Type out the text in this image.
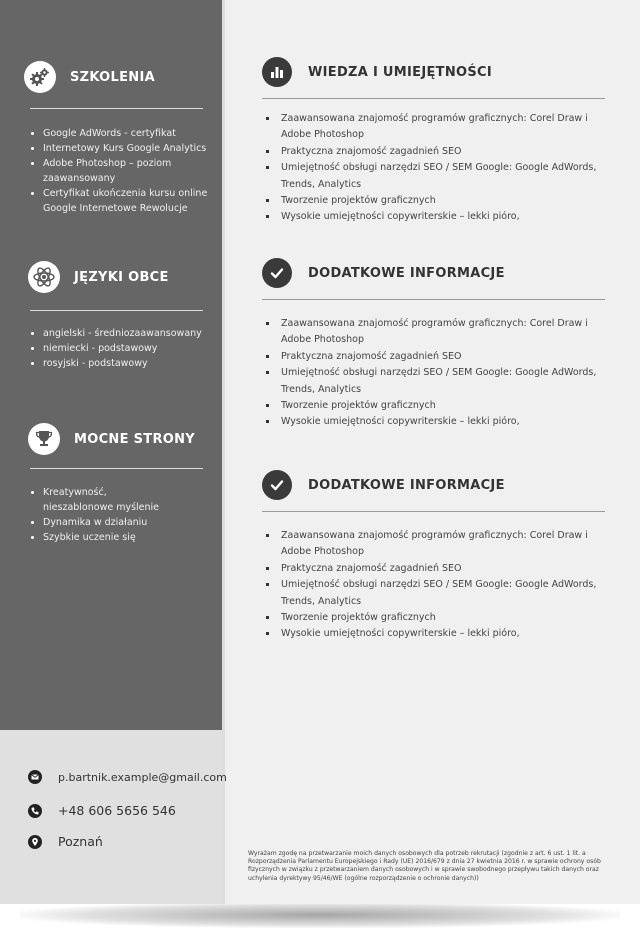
SZKOLENIA
Google AdWords - certyfikat
Internetowy Kurs Google Analytics
Adobe Photoshop – poziom zaawansowany
Certyfikat ukończenia kursu online Google Internetowe Rewolucje
JĘZYKI OBCE
angielski - średniozaawansowany
niemiecki - podstawowy
rosyjski - podstawowy
MOCNE STRONY
Kreatywność, nieszablonowe myślenie
Dynamika w działaniu
Szybkie uczenie się
p.bartnik.example@gmail.com
+48 606 5656 546
Poznań
WIEDZA I UMIEJĘTNOŚCI
Zaawansowana znajomość programów graficznych: Corel Draw i Adobe Photoshop
Praktyczna znajomość zagadnień SEO
Umiejętność obsługi narzędzi SEO / SEM Google: Google AdWords, Trends, Analytics
Tworzenie projektów graficznych
Wysokie umiejętności copywriterskie – lekki pióro,
DODATKOWE INFORMACJE
Zaawansowana znajomość programów graficznych: Corel Draw i Adobe Photoshop
Praktyczna znajomość zagadnień SEO
Umiejętność obsługi narzędzi SEO / SEM Google: Google AdWords, Trends, Analytics
Tworzenie projektów graficznych
Wysokie umiejętności copywriterskie – lekki pióro,
DODATKOWE INFORMACJE
Zaawansowana znajomość programów graficznych: Corel Draw i Adobe Photoshop
Praktyczna znajomość zagadnień SEO
Umiejętność obsługi narzędzi SEO / SEM Google: Google AdWords, Trends, Analytics
Tworzenie projektów graficznych
Wysokie umiejętności copywriterskie – lekki pióro,
Wyrażam zgodę na przetwarzanie moich danych osobowych dla potrzeb rekrutacji (zgodnie z art. 6 ust. 1 lit. a Rozporządzenia Parlamentu Europejskiego i Rady (UE) 2016/679 z dnia 27 kwietnia 2016 r. w sprawie ochrony osób fizycznych w związku z przetwarzaniem danych osobowych i w sprawie swobodnego przepływu takich danych oraz uchylenia dyrektywy 95/46/WE (ogólne rozporządzenie o ochronie danych))
